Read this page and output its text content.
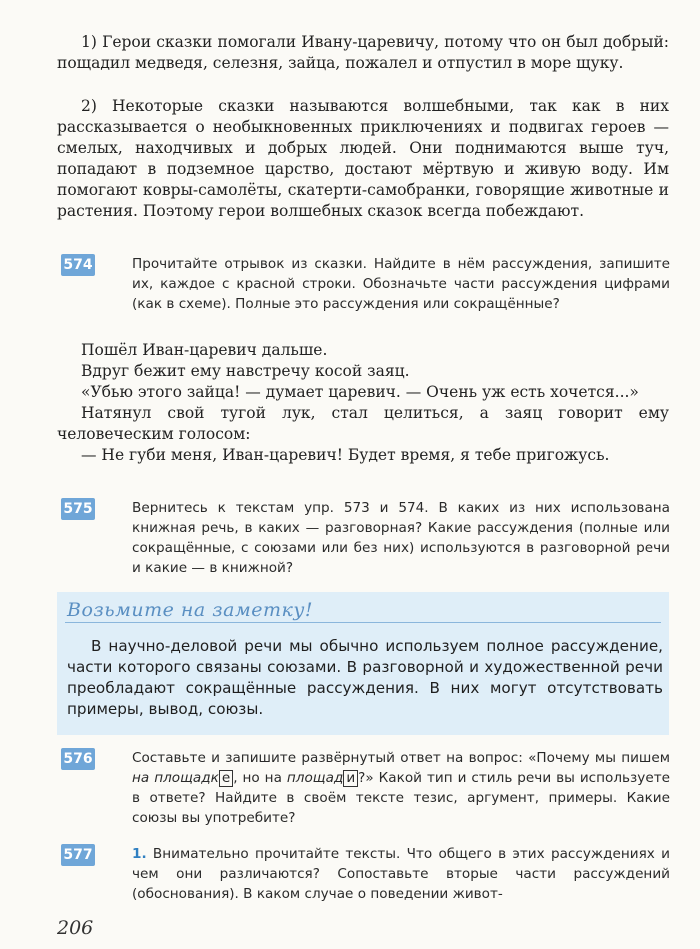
1) Герои сказки помогали Ивану-царевичу, потому что он был добрый: пощадил медведя, селезня, зайца, пожалел и отпустил в море щуку.

2) Некоторые сказки называются волшебными, так как в них рассказывается о необыкновенных приключениях и подвигах героев — смелых, находчивых и добрых людей. Они поднимаются выше туч, попадают в подземное царство, достают мёртвую и живую воду. Им помогают ковры-самолёты, скатерти-самобранки, говорящие животные и растения. Поэтому герои волшебных сказок всегда побеждают.

574	Прочитайте отрывок из сказки. Найдите в нём рассуждения, запишите их, каждое с красной строки. Обозначьте части рассуждения цифрами (как в схеме). Полные это рассуждения или сокращённые?

Пошёл Иван-царевич дальше.
Вдруг бежит ему навстречу косой заяц.
«Убью этого зайца! — думает царевич. — Очень уж есть хочется...»
Натянул свой тугой лук, стал целиться, а заяц говорит ему человеческим голосом:
— Не губи меня, Иван-царевич! Будет время, я тебе пригожусь.
575	Вернитесь к текстам упр. 573 и 574. В каких из них использована книжная речь, в каких — разговорная? Какие рассуждения (полные или сокращённые, с союзами или без них) используются в разговорной речи и какие — в книжной?

Возьмите на заметку!

В научно-деловой речи мы обычно используем полное рассуждение, части которого связаны союзами. В разговорной и художественной речи преобладают сокращённые рассуждения. В них могут отсутствовать примеры, вывод, союзы.

576	Составьте и запишите развёрнутый ответ на вопрос: «Почему мы пишем на площадк е , но на площад и ?» Какой тип и стиль речи вы используете в ответе? Найдите в своём тексте тезис, аргумент, примеры. Какие союзы вы употребите?

577	1. Внимательно прочитайте тексты. Что общего в этих рассуждениях и чем они различаются? Сопоставьте вторые части рассуждений (обоснования). В каком случае о поведении живот-

206
